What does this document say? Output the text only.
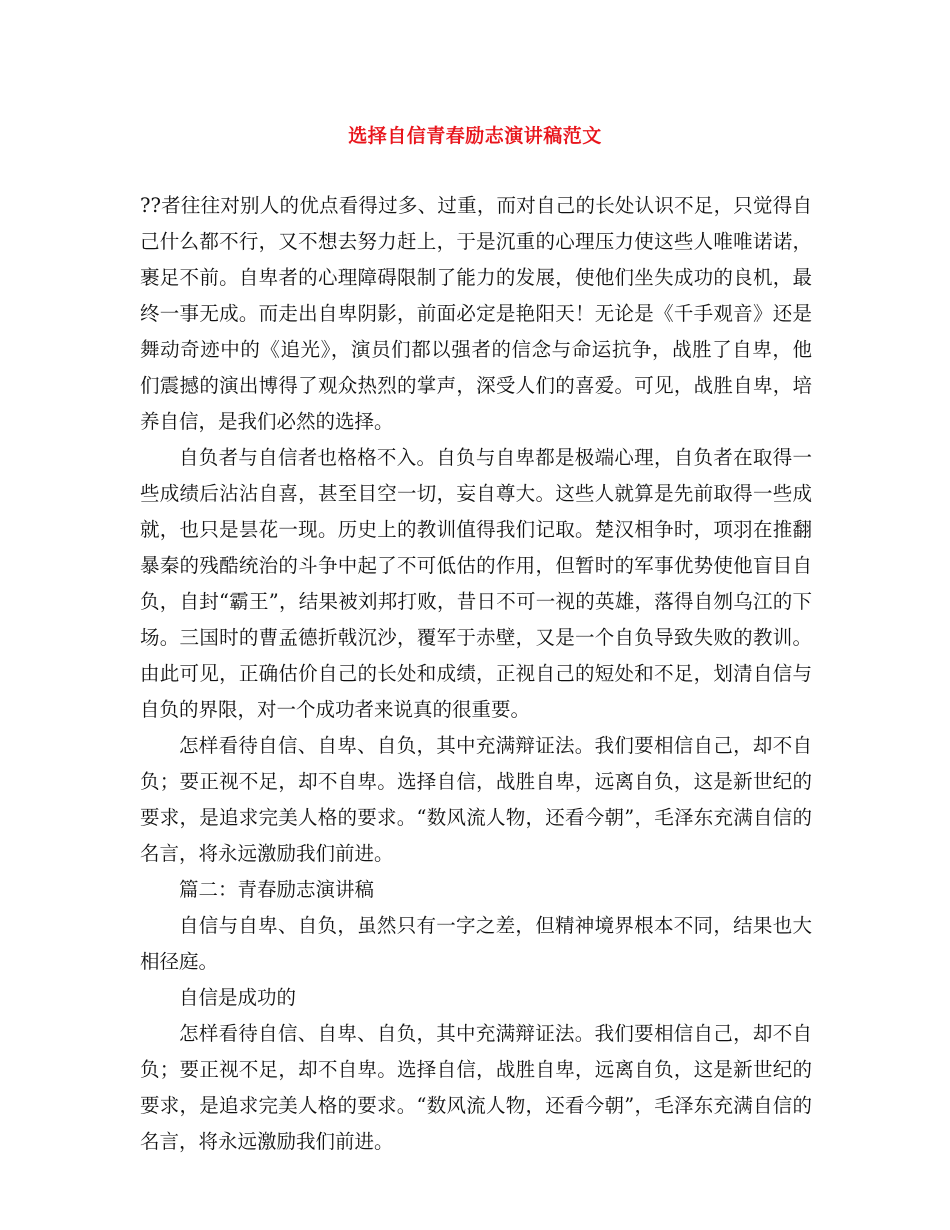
选择自信青春励志演讲稿范文

??者往往对别人的优点看得过多、过重，而对自己的长处认识不足，只觉得自己什么都不行，又不想去努力赶上，于是沉重的心理压力使这些人唯唯诺诺，裹足不前。自卑者的心理障碍限制了能力的发展，使他们坐失成功的良机，最终一事无成。而走出自卑阴影，前面必定是艳阳天！无论是《千手观音》还是舞动奇迹中的《追光》，演员们都以强者的信念与命运抗争，战胜了自卑，他们震撼的演出博得了观众热烈的掌声，深受人们的喜爱。可见，战胜自卑，培养自信，是我们必然的选择。

自负者与自信者也格格不入。自负与自卑都是极端心理，自负者在取得一些成绩后沾沾自喜，甚至目空一切，妄自尊大。这些人就算是先前取得一些成就，也只是昙花一现。历史上的教训值得我们记取。楚汉相争时，项羽在推翻暴秦的残酷统治的斗争中起了不可低估的作用，但暂时的军事优势使他盲目自负，自封“霸王”，结果被刘邦打败，昔日不可一视的英雄，落得自刎乌江的下场。三国时的曹孟德折戟沉沙，覆军于赤壁，又是一个自负导致失败的教训。由此可见，正确估价自己的长处和成绩，正视自己的短处和不足，划清自信与自负的界限，对一个成功者来说真的很重要。

怎样看待自信、自卑、自负，其中充满辩证法。我们要相信自己，却不自负；要正视不足，却不自卑。选择自信，战胜自卑，远离自负，这是新世纪的要求，是追求完美人格的要求。“数风流人物，还看今朝”，毛泽东充满自信的名言，将永远激励我们前进。

篇二：青春励志演讲稿

自信与自卑、自负，虽然只有一字之差，但精神境界根本不同，结果也大相径庭。

自信是成功的

怎样看待自信、自卑、自负，其中充满辩证法。我们要相信自己，却不自负；要正视不足，却不自卑。选择自信，战胜自卑，远离自负，这是新世纪的要求，是追求完美人格的要求。“数风流人物，还看今朝”，毛泽东充满自信的名言，将永远激励我们前进。
